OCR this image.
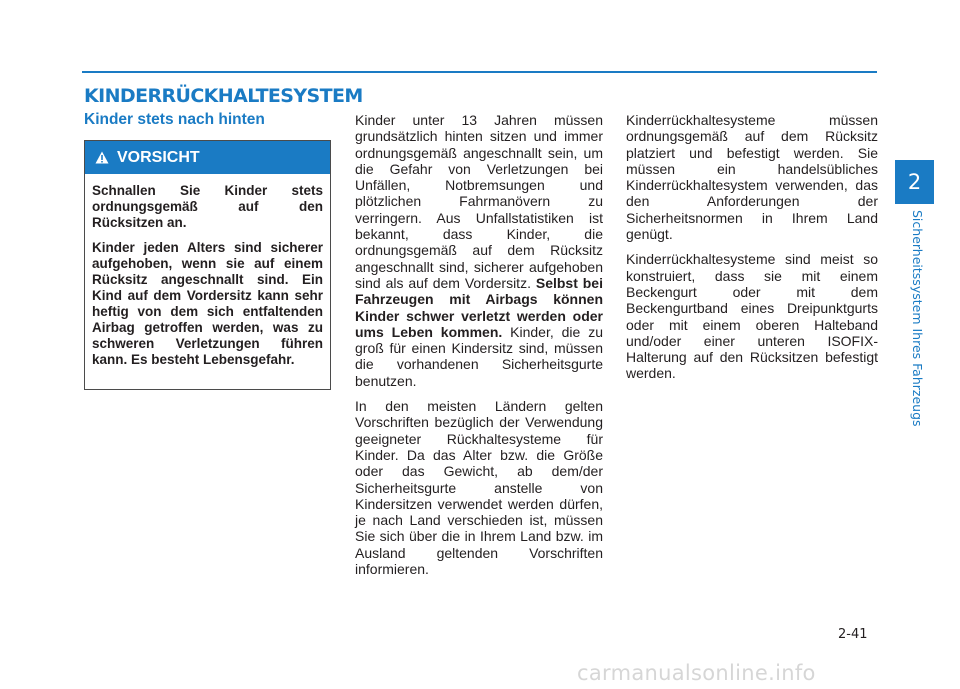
KINDERRÜCKHALTESYSTEM
Kinder stets nach hinten
VORSICHT

Schnallen Sie Kinder stets ordnungsgemäß auf den Rücksitzen an.

Kinder jeden Alters sind sicherer aufgehoben, wenn sie auf einem Rücksitz angeschnallt sind. Ein Kind auf dem Vordersitz kann sehr heftig von dem sich entfaltenden Airbag getroffen werden, was zu schweren Verletzungen führen kann. Es besteht Lebensgefahr.

Kinder unter 13 Jahren müssen grundsätzlich hinten sitzen und immer ordnungsgemäß angeschnallt sein, um die Gefahr von Verletzungen bei Unfällen, Notbremsungen und plötzlichen Fahrmanövern zu verringern. Aus Unfallstatistiken ist bekannt, dass Kinder, die ordnungsgemäß auf dem Rücksitz angeschnallt sind, sicherer aufgehoben sind als auf dem Vordersitz. Selbst bei Fahrzeugen mit Airbags können Kinder schwer verletzt werden oder ums Leben kommen. Kinder, die zu groß für einen Kindersitz sind, müssen die vorhandenen Sicherheitsgurte benutzen.

In den meisten Ländern gelten Vorschriften bezüglich der Verwendung geeigneter Rückhaltesysteme für Kinder. Da das Alter bzw. die Größe oder das Gewicht, ab dem/der Sicherheitsgurte anstelle von Kindersitzen verwendet werden dürfen, je nach Land verschieden ist, müssen Sie sich über die in Ihrem Land bzw. im Ausland geltenden Vorschriften informieren.

Kinderrückhaltesysteme müssen ordnungsgemäß auf dem Rücksitz platziert und befestigt werden. Sie müssen ein handelsübliches Kinderrückhaltesystem verwenden, das den Anforderungen der Sicherheitsnormen in Ihrem Land genügt.

Kinderrückhaltesysteme sind meist so konstruiert, dass sie mit einem Beckengurt oder mit dem Beckengurtband eines Dreipunktgurts oder mit einem oberen Halteband und/oder einer unteren ISOFIX-Halterung auf den Rücksitzen befestigt werden.

2
Sicherheitssystem Ihres Fahrzeugs
2-41
carmanualsonline.info
